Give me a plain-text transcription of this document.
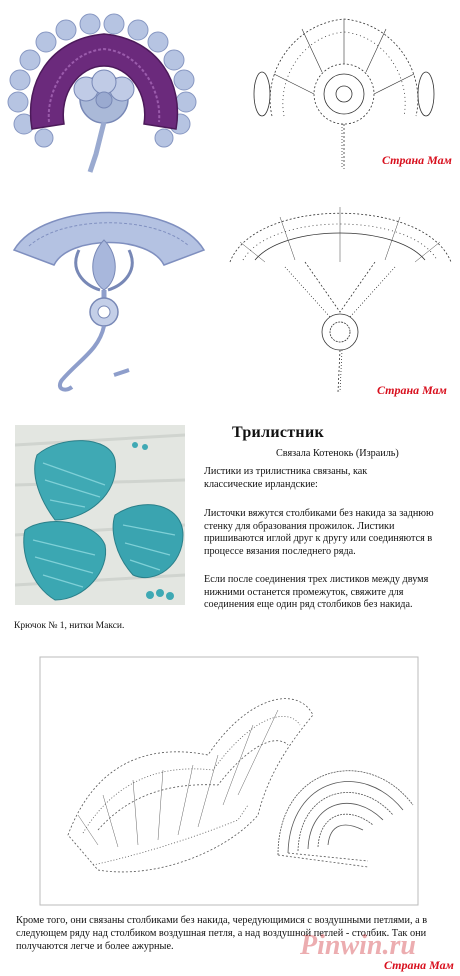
Страна Мам
Страна Мам
Трилистник
Связала Котенокь (Израиль)
Листики из трилистника связаны, как классические ирландские:
Листочки вяжутся столбиками без накида за заднюю стенку для образования прожилок. Листики пришиваются иглой друг к другу или соединяются в процессе вязания последнего ряда.
Если после соединения трех листиков между двумя нижними останется промежуток, свяжите для соединения еще один ряд столбиков без накида.
Крючок № 1, нитки Макси.
Кроме того, они связаны столбиками без накида, чередующимися с воздушными петлями, а в следующем ряду над столбиком воздушная петля, а над воздушной петлей - столбик. Так они получаются легче и более ажурные.
Страна Мам
Pinwin.ru
